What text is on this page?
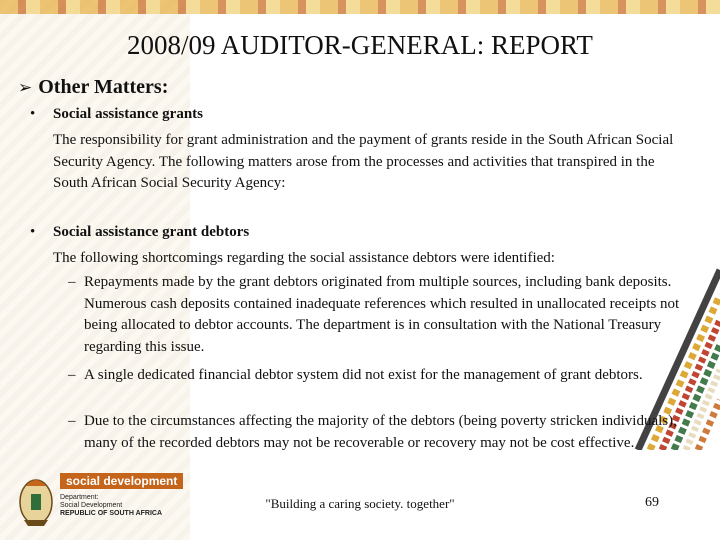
2008/09 AUDITOR-GENERAL: REPORT
➢ Other Matters:
• Social assistance grants
The responsibility for grant administration and the payment of grants reside in the South African Social Security Agency. The following matters arose from the processes and activities that transpired in the South African Social Security Agency:
• Social assistance grant debtors
The following shortcomings regarding the social assistance debtors were identified:
– Repayments made by the grant debtors originated from multiple sources, including bank deposits. Numerous cash deposits contained inadequate references which resulted in unallocated receipts not being allocated to debtor accounts. The department is in consultation with the National Treasury regarding this issue.
– A single dedicated financial debtor system did not exist for the management of grant debtors.
– Due to the circumstances affecting the majority of the debtors (being poverty stricken individuals), many of the recorded debtors may not be recoverable or recovery may not be cost effective.
social development
Department:
Social Development
REPUBLIC OF SOUTH AFRICA
"Building a caring society. together"	69
